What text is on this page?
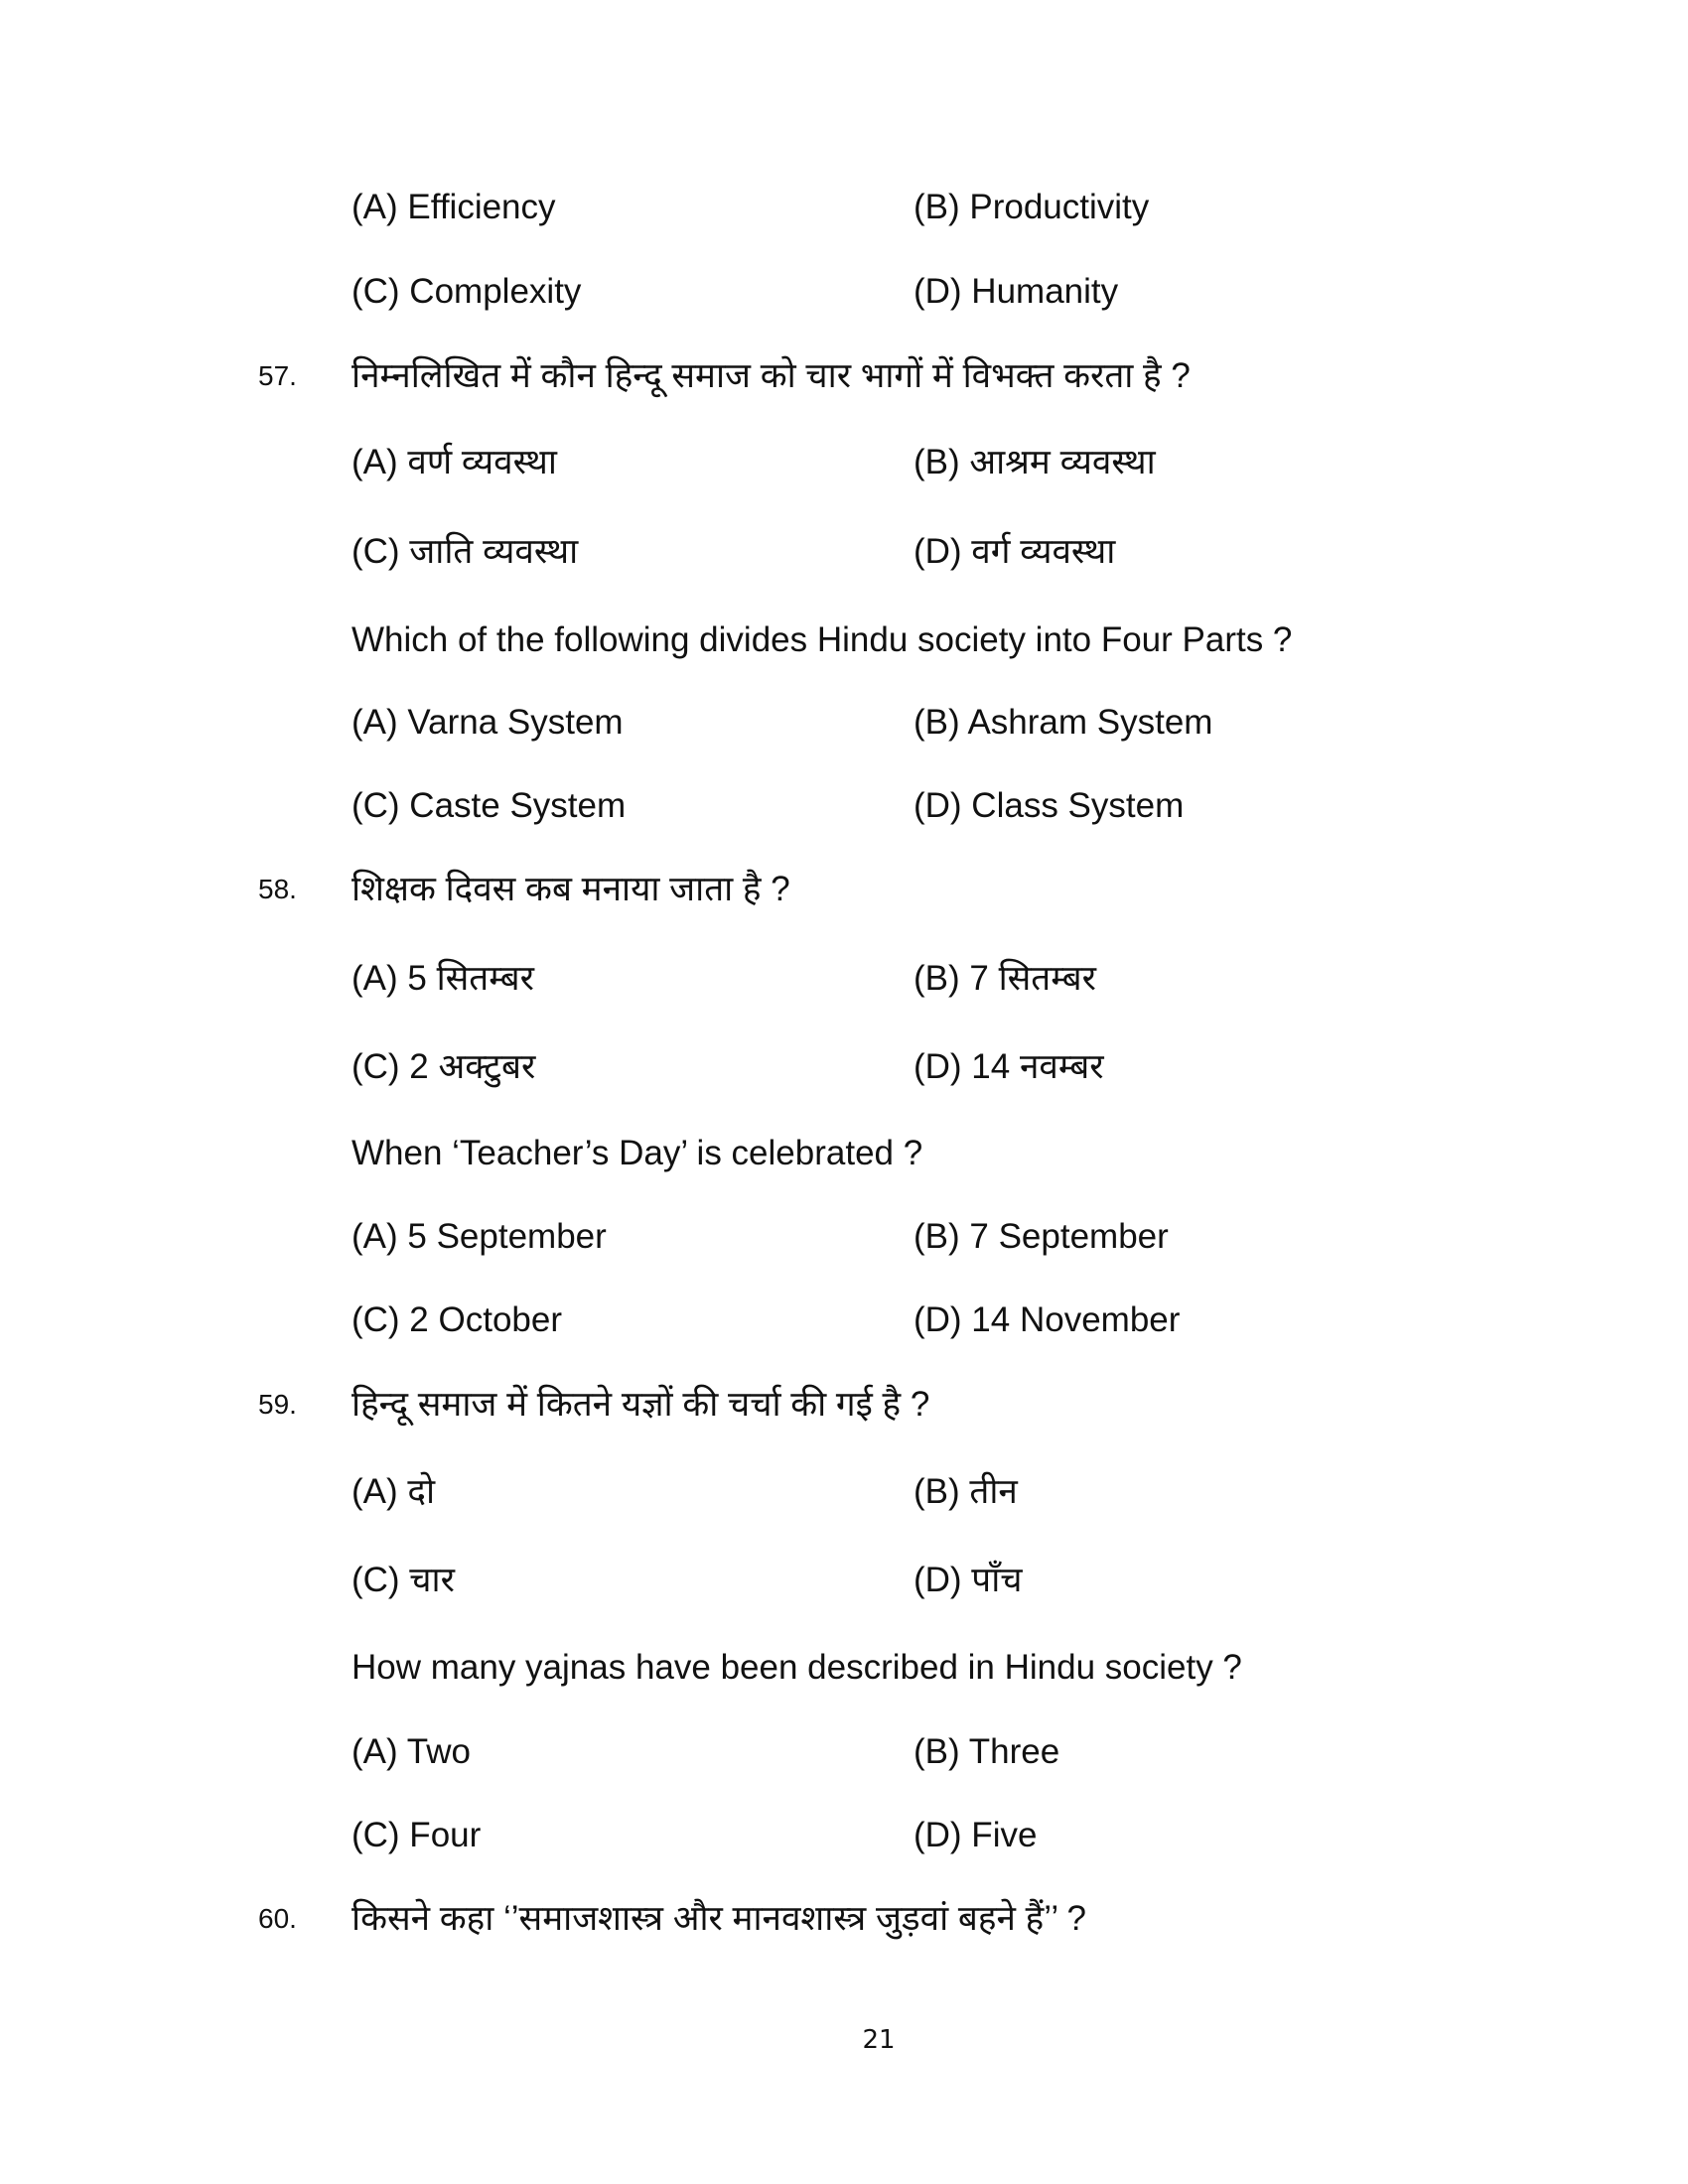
(A) Efficiency	(B) Productivity
(C) Complexity	(D) Humanity
57. निम्नलिखित में कौन हिन्दू समाज को चार भागों में विभक्त करता है ?
(A) वर्ण व्यवस्था	(B) आश्रम व्यवस्था
(C) जाति व्यवस्था	(D) वर्ग व्यवस्था
Which of the following divides Hindu society into Four Parts ?
(A) Varna System	(B) Ashram System
(C) Caste System	(D) Class System
58. शिक्षक दिवस कब मनाया जाता है ?
(A) 5 सितम्बर	(B) 7 सितम्बर
(C) 2 अक्टुबर	(D) 14 नवम्बर
When ‘Teacher’s Day’ is celebrated ?
(A) 5 September	(B) 7 September
(C) 2 October	(D) 14 November
59. हिन्दू समाज में कितने यज्ञों की चर्चा की गई है ?
(A) दो	(B) तीन
(C) चार	(D) पाँच
How many yajnas have been described in Hindu society ?
(A) Two	(B) Three
(C) Four	(D) Five
60. किसने कहा ‘’समाजशास्त्र और मानवशास्त्र जुड़वां बहने हैं’’ ?
21
